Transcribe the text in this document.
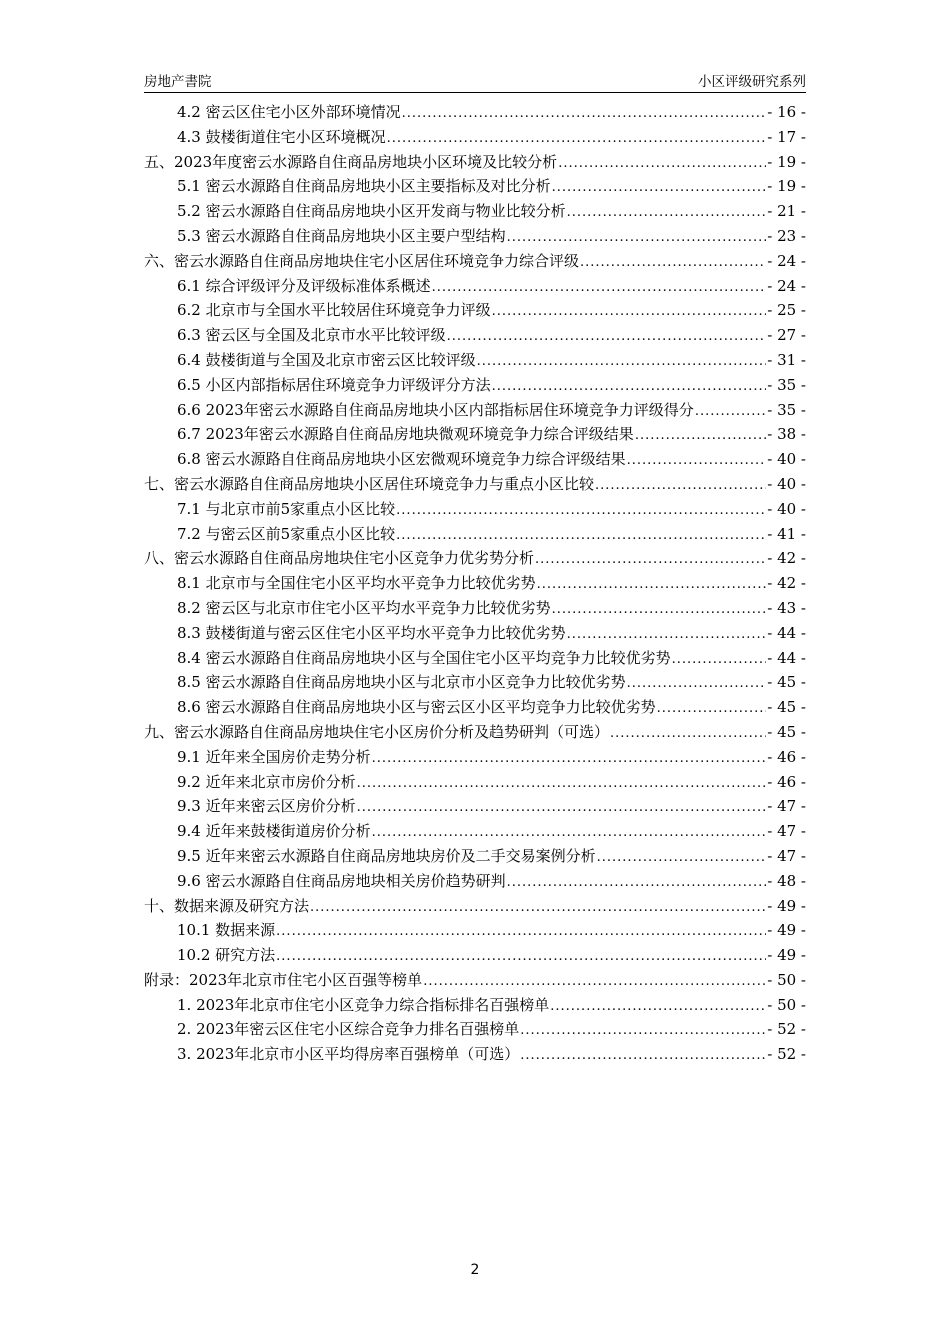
房地产書院	小区评级研究系列
4.2 密云区住宅小区外部环境情况 .....	- 16 -
4.3 鼓楼街道住宅小区环境概况 .....	- 17 -
五、2023年度密云水源路自住商品房地块小区环境及比较分析 .....	- 19 -
5.1 密云水源路自住商品房地块小区主要指标及对比分析 .....	- 19 -
5.2 密云水源路自住商品房地块小区开发商与物业比较分析 .....	- 21 -
5.3 密云水源路自住商品房地块小区主要户型结构 .....	- 23 -
六、密云水源路自住商品房地块住宅小区居住环境竞争力综合评级 .....	- 24 -
6.1 综合评级评分及评级标准体系概述 .....	- 24 -
6.2 北京市与全国水平比较居住环境竞争力评级 .....	- 25 -
6.3 密云区与全国及北京市水平比较评级 .....	- 27 -
6.4 鼓楼街道与全国及北京市密云区比较评级 .....	- 31 -
6.5 小区内部指标居住环境竞争力评级评分方法 .....	- 35 -
6.6 2023年密云水源路自住商品房地块小区内部指标居住环境竞争力评级得分 .....	- 35 -
6.7 2023年密云水源路自住商品房地块微观环境竞争力综合评级结果 .....	- 38 -
6.8 密云水源路自住商品房地块小区宏微观环境竞争力综合评级结果 .....	- 40 -
七、密云水源路自住商品房地块小区居住环境竞争力与重点小区比较 .....	- 40 -
7.1 与北京市前5家重点小区比较 .....	- 40 -
7.2 与密云区前5家重点小区比较 .....	- 41 -
八、密云水源路自住商品房地块住宅小区竞争力优劣势分析 .....	- 42 -
8.1 北京市与全国住宅小区平均水平竞争力比较优劣势 .....	- 42 -
8.2 密云区与北京市住宅小区平均水平竞争力比较优劣势 .....	- 43 -
8.3 鼓楼街道与密云区住宅小区平均水平竞争力比较优劣势 .....	- 44 -
8.4 密云水源路自住商品房地块小区与全国住宅小区平均竞争力比较优劣势 .....	- 44 -
8.5 密云水源路自住商品房地块小区与北京市小区竞争力比较优劣势 .....	- 45 -
8.6 密云水源路自住商品房地块小区与密云区小区平均竞争力比较优劣势 .....	- 45 -
九、密云水源路自住商品房地块住宅小区房价分析及趋势研判（可选） .....	- 45 -
9.1 近年来全国房价走势分析 .....	- 46 -
9.2 近年来北京市房价分析 .....	- 46 -
9.3 近年来密云区房价分析 .....	- 47 -
9.4 近年来鼓楼街道房价分析 .....	- 47 -
9.5 近年来密云水源路自住商品房地块房价及二手交易案例分析 .....	- 47 -
9.6 密云水源路自住商品房地块相关房价趋势研判 .....	- 48 -
十、数据来源及研究方法 .....	- 49 -
10.1 数据来源 .....	- 49 -
10.2 研究方法 .....	- 49 -
附录：2023年北京市住宅小区百强等榜单 .....	- 50 -
1. 2023年北京市住宅小区竞争力综合指标排名百强榜单 .....	- 50 -
2. 2023年密云区住宅小区综合竞争力排名百强榜单 .....	- 52 -
3. 2023年北京市小区平均得房率百强榜单（可选） .....	- 52 -
2
